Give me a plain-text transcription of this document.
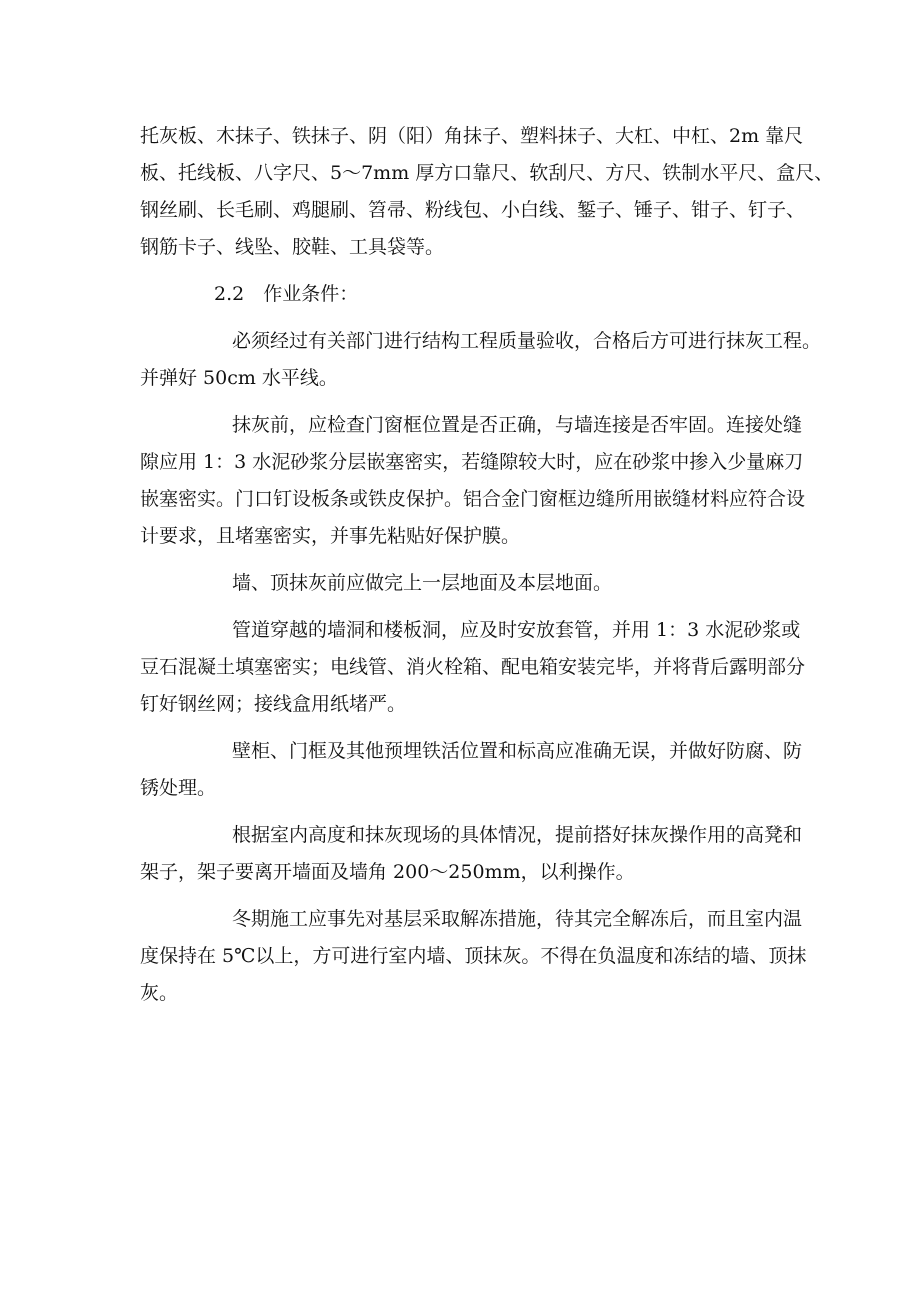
托灰板、木抹子、铁抹子、阴（阳）角抹子、塑料抹子、大杠、中杠、2m 靠尺
板、托线板、八字尺、5～7mm 厚方口靠尺、软刮尺、方尺、铁制水平尺、盒尺、
钢丝刷、长毛刷、鸡腿刷、笤帚、粉线包、小白线、錾子、锤子、钳子、钉子、
钢筋卡子、线坠、胶鞋、工具袋等。
2.2　作业条件：
必须经过有关部门进行结构工程质量验收，合格后方可进行抹灰工程。
并弹好 50cm 水平线。
抹灰前，应检查门窗框位置是否正确，与墙连接是否牢固。连接处缝
隙应用 1：3 水泥砂浆分层嵌塞密实，若缝隙较大时，应在砂浆中掺入少量麻刀
嵌塞密实。门口钉设板条或铁皮保护。铝合金门窗框边缝所用嵌缝材料应符合设
计要求，且堵塞密实，并事先粘贴好保护膜。
墙、顶抹灰前应做完上一层地面及本层地面。
管道穿越的墙洞和楼板洞，应及时安放套管，并用 1：3 水泥砂浆或
豆石混凝土填塞密实；电线管、消火栓箱、配电箱安装完毕，并将背后露明部分
钉好钢丝网；接线盒用纸堵严。
壁柜、门框及其他预埋铁活位置和标高应准确无误，并做好防腐、防
锈处理。
根据室内高度和抹灰现场的具体情况，提前搭好抹灰操作用的高凳和
架子，架子要离开墙面及墙角 200～250mm，以利操作。
冬期施工应事先对基层采取解冻措施，待其完全解冻后，而且室内温
度保持在 5℃以上，方可进行室内墙、顶抹灰。不得在负温度和冻结的墙、顶抹
灰。
